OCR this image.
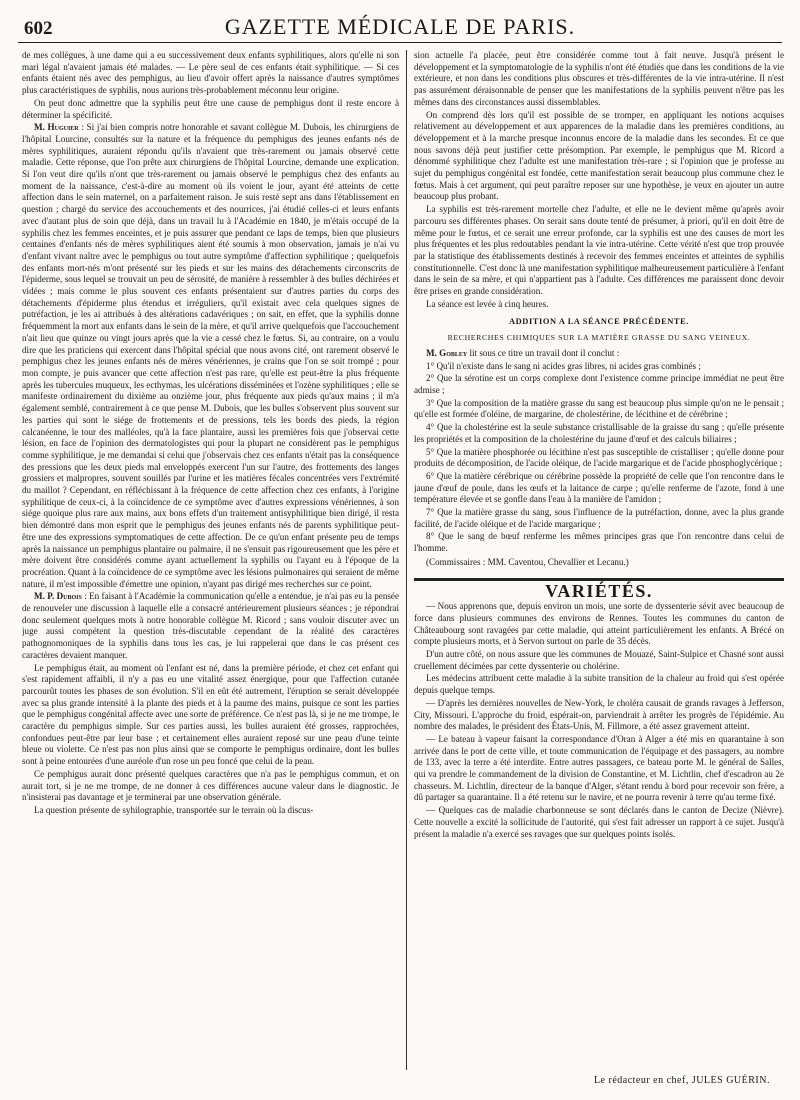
602	GAZETTE MÉDICALE DE PARIS.

de mes collègues, à une dame qui a eu successivement deux enfants syphilitiques, alors qu'elle ni son mari légal n'avaient jamais été malades. — Le père seul de ces enfants était syphilitique. — Si ces enfants étaient nés avec des pemphigus, au lieu d'avoir offert après la naissance d'autres symptômes plus caractéristiques de syphilis, nous aurions très-probablement méconnu leur origine.

On peut donc admettre que la syphilis peut être une cause de pemphigus dont il reste encore à déterminer la spécificité.

M. Huguier : Si j'ai bien compris notre honorable et savant collègue M. Dubois, les chirurgiens de l'hôpital Lourcine, consultés sur la nature et la fréquence du pemphigus des jeunes enfants nés de mères syphilitiques, auraient répondu qu'ils n'avaient que très-rarement ou jamais observé cette maladie. Cette réponse, que l'on prête aux chirurgiens de l'hôpital Lourcine, demande une explication. Si l'on veut dire qu'ils n'ont que très-rarement ou jamais observé le pemphigus chez des enfants au moment de la naissance, c'est-à-dire au moment où ils voient le jour, ayant été atteints de cette affection dans le sein maternel, on a parfaitement raison. Je suis resté sept ans dans l'établissement en question ; chargé du service des accouchements et des nourrices, j'ai étudié celles-ci et leurs enfants avec d'autant plus de soin que déjà, dans un travail lu à l'Académie en 1840, je m'étais occupé de la syphilis chez les femmes enceintes, et je puis assurer que pendant ce laps de temps, bien que plusieurs centaines d'enfants nés de mères syphilitiques aient été soumis à mon observation, jamais je n'ai vu d'enfant vivant naître avec le pemphigus ou tout autre symptôme d'affection syphilitique ; quelquefois des enfants mort-nés m'ont présenté sur les pieds et sur les mains des détachements circonscrits de l'épiderme, sous lequel se trouvait un peu de sérosité, de manière à ressembler à des bulles déchirées et vidées ; mais comme le plus souvent ces enfants présentaient sur d'autres parties du corps des détachements d'épiderme plus étendus et irréguliers, qu'il existait avec cela quelques signes de putréfaction, je les ai attribués à des altérations cadavériques ; on sait, en effet, que la syphilis donne fréquemment la mort aux enfants dans le sein de la mère, et qu'il arrive quelquefois que l'accouchement n'ait lieu que quinze ou vingt jours après que la vie a cessé chez le fœtus. Si, au contraire, on a voulu dire que les praticiens qui exercent dans l'hôpital spécial que nous avons cité, ont rarement observé le pemphigus chez les jeunes enfants nés de mères vénériennes, je crains que l'on se soit trompé ; pour mon compte, je puis avancer que cette affection n'est pas rare, qu'elle est peut-être la plus fréquente après les tubercules muqueux, les ecthymas, les ulcérations disséminées et l'ozène syphilitiques ; elle se manifeste ordinairement du dixième au onzième jour, plus fréquente aux pieds qu'aux mains ; il m'a également semblé, contrairement à ce que pense M. Dubois, que les bulles s'observent plus souvent sur les parties qui sont le siége de frottements et de pressions, tels les bords des pieds, la région calcanéenne, le tour des malléoles, qu'à la face plantaire, aussi les premières fois que j'observai cette lésion, en face de l'opinion des dermatologistes qui pour la plupart ne considèrent pas le pemphigus comme syphilitique, je me demandai si celui que j'observais chez ces enfants n'était pas la conséquence des pressions que les deux pieds mal enveloppés exercent l'un sur l'autre, des frottements des langes grossiers et malpropres, souvent souillés par l'urine et les matières fécales concentrées vers l'extrémité du maillot ? Cependant, en réfléchissant à la fréquence de cette affection chez ces enfants, à l'origine syphilitique de ceux-ci, à la coïncidence de ce symptôme avec d'autres expressions vénériennes, à son siége quoique plus rare aux mains, aux bons effets d'un traitement antisyphilitique bien dirigé, il resta bien démontré dans mon esprit que le pemphigus des jeunes enfants nés de parents syphilitique peut-être une des expressions symptomatiques de cette affection. De ce qu'un enfant présente peu de temps après la naissance un pemphigus plantaire ou palmaire, il ne s'ensuit pas rigoureusement que les père et mère doivent être considérés comme ayant actuellement la syphilis ou l'ayant eu à l'époque de la procréation. Quant à la coïncidence de ce symptôme avec les lésions pulmonaires qui seraient de même nature, il m'est impossible d'émettre une opinion, n'ayant pas dirigé mes recherches sur ce point.

M. P. Dubois : En faisant à l'Académie la communication qu'elle a entendue, je n'ai pas eu la pensée de renouveler une discussion à laquelle elle a consacré antérieurement plusieurs séances ; je répondrai donc seulement quelques mots à notre honorable collègue M. Ricord ; sans vouloir discuter avec un juge aussi compétent la question très-discutable cependant de la réalité des caractères pathognomoniques de la syphilis dans tous les cas, je lui rappelerai que dans le cas présent ces caractères devaient manquer.

Le pemphigus était, au moment où l'enfant est né, dans la première période, et chez cet enfant qui s'est rapidement affaibli, il n'y a pas eu une vitalité assez énergique, pour que l'affection cutanée parcourût toutes les phases de son évolution. S'il en eût été autrement, l'éruption se serait développée avec sa plus grande intensité à la plante des pieds et à la paume des mains, puisque ce sont les parties que le pemphigus congénital affecte avec une sorte de préférence. Ce n'est pas là, si je ne me trompe, le caractère du pemphigus simple. Sur ces parties aussi, les bulles auraient été grosses, rapprochées, confondues peut-être par leur base ; et certainement elles auraient reposé sur une peau d'une teinte bleue ou violette. Ce n'est pas non plus ainsi que se comporte le pemphigus ordinaire, dont les bulles sont à peine entourées d'une auréole d'un rose un peu foncé que celui de la peau.

Ce pemphigus aurait donc présenté quelques caractères que n'a pas le pemphigus commun, et on aurait tort, si je ne me trompe, de ne donner à ces différences aucune valeur dans le diagnostic. Je n'insisterai pas davantage et je terminerai par une observation générale.

La question présente de syhilographie, transportée sur le terrain où la discus-

sion actuelle l'a placée, peut être considérée comme tout à fait neuve. Jusqu'à présent le développement et la symptomatologie de la syphilis n'ont été étudiés que dans les conditions de la vie extérieure, et non dans les conditions plus obscures et très-différentes de la vie intra-utérine. Il n'est pas assurément déraisonnable de penser que les manifestations de la syphilis peuvent n'être pas les mêmes dans des circonstances aussi dissemblables.

On comprend dès lors qu'il est possible de se tromper, en appliquant les notions acquises relativement au développement et aux apparences de la maladie dans les premières conditions, au développement et à la marche presque inconnus encore de la maladie dans les secondes. Et ce que nous savons déjà peut justifier cette présomption. Par exemple, le pemphigus que M. Ricord a dénommé syphilitique chez l'adulte est une manifestation très-rare ; si l'opinion que je professe au sujet du pemphigus congénital est fondée, cette manifestation serait beaucoup plus commune chez le fœtus. Mais à cet argument, qui peut paraître reposer sur une hypothèse, je veux en ajouter un autre beaucoup plus probant.

La syphilis est très-rarement mortelle chez l'adulte, et elle ne le devient même qu'après avoir parcouru ses différentes phases. On serait sans doute tenté de présumer, à priori, qu'il en doit être de même pour le fœtus, et ce serait une erreur profonde, car la syphilis est une des causes de mort les plus fréquentes et les plus redoutables pendant la vie intra-utérine. Cette vérité n'est que trop prouvée par la statistique des établissements destinés à recevoir des femmes enceintes et atteintes de syphilis constitutionnelle. C'est donc là une manifestation syphilitique malheureusement particulière à l'enfant dans le sein de sa mère, et qui n'appartient pas à l'adulte. Ces différences me paraissent donc devoir être prises en grande considération.

La séance est levée à cinq heures.

ADDITION A LA SÉANCE PRÉCÉDENTE.
RECHERCHES CHIMIQUES SUR LA MATIÈRE GRASSE DU SANG VEINEUX.

M. Gobley lit sous ce titre un travail dont il conclut :

1° Qu'il n'existe dans le sang ni acides gras libres, ni acides gras combinés ;

2° Que la sérotine est un corps complexe dont l'existence comme principe immédiat ne peut être admise ;

3° Que la composition de la matière grasse du sang est beaucoup plus simple qu'on ne le pensait ; qu'elle est formée d'oléine, de margarine, de cholestérine, de lécithine et de cérébrine ;

4° Que la cholestérine est la seule substance cristallisable de la graisse du sang ; qu'elle présente les propriétés et la composition de la cholestérine du jaune d'œuf et des calculs biliaires ;

5° Que la matière phosphorée ou lécithine n'est pas susceptible de cristalliser ; qu'elle donne pour produits de décomposition, de l'acide oléique, de l'acide margarique et de l'acide phosphoglycérique ;

6° Que la matière cérébrique ou cérébrine possède la propriété de celle que l'on rencontre dans le jaune d'œuf de poule, dans les œufs et la laitance de carpe ; qu'elle renferme de l'azote, fond à une température élevée et se gonfle dans l'eau à la manière de l'amidon ;

7° Que la matière grasse du sang, sous l'influence de la putréfaction, donne, avec la plus grande facilité, de l'acide oléique et de l'acide margarique ;

8° Que le sang de bœuf renferme les mêmes principes gras que l'on rencontre dans celui de l'homme.

(Commissaires : MM. Caventou, Chevallier et Lecanu.)

VARIÉTÉS.

— Nous apprenons que, depuis environ un mois, une sorte de dyssenterie sévit avec beaucoup de force dans plusieurs communes des environs de Rennes. Toutes les communes du canton de Châteaubourg sont ravagées par cette maladie, qui atteint particulièrement les enfants. A Brécé on compte plusieurs morts, et à Servon surtout on parle de 35 décès.

D'un autre côté, on nous assure que les communes de Mouazé, Saint-Sulpice et Chasné sont aussi cruellement décimées par cette dyssenterie ou cholérine.

Les médecins attribuent cette maladie à la subite transition de la chaleur au froid qui s'est opérée depuis quelque temps.

— D'après les dernières nouvelles de New-York, le choléra causait de grands ravages à Jefferson, City, Missouri. L'approche du froid, espérait-on, parviendrait à arrêter les progrès de l'épidémie. Au nombre des malades, le président des États-Unis, M. Fillmore, a été assez gravement atteint.

— Le bateau à vapeur faisant la correspondance d'Oran à Alger a été mis en quarantaine à son arrivée dans le port de cette ville, et toute communication de l'équipage et des passagers, au nombre de 133, avec la terre a été interdite. Entre autres passagers, ce bateau porte M. le général de Salles, qui va prendre le commandement de la division de Constantine, et M. Lichtlin, chef d'escadron au 2e chasseurs. M. Lichtlin, directeur de la banque d'Alger, s'étant rendu à bord pour recevoir son frère, a dû partager sa quarantaine. Il a été retenu sur le navire, et ne pourra revenir à terre qu'au terme fixé.

— Quelques cas de maladie charbonneuse se sont déclarés dans le canton de Decize (Nièvre). Cette nouvelle a excité la sollicitude de l'autorité, qui s'est fait adresser un rapport à ce sujet. Jusqu'à présent la maladie n'a exercé ses ravages que sur quelques points isolés.

Le rédacteur en chef, JULES GUÉRIN.
